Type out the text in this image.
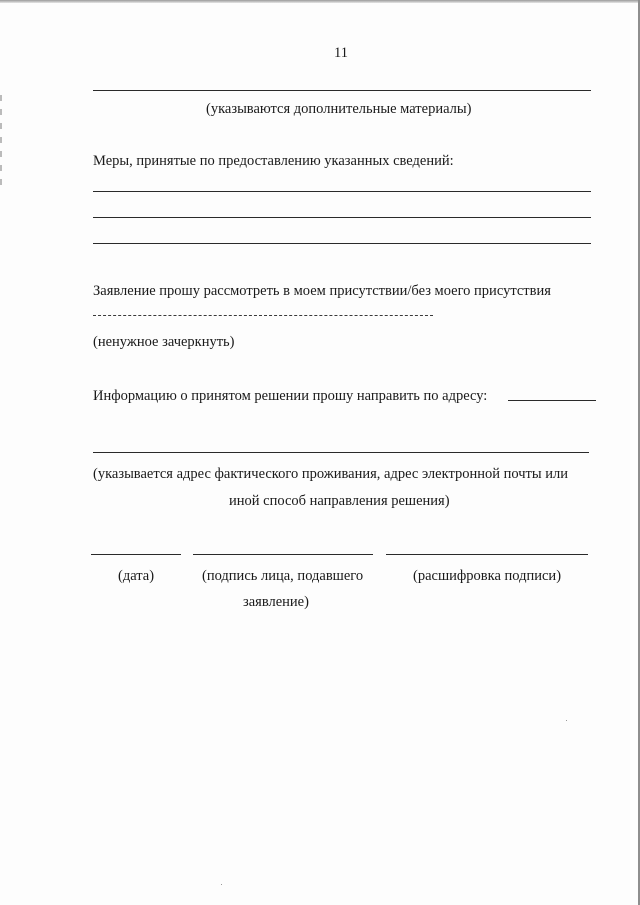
11
(указываются дополнительные материалы)
Меры, принятые по предоставлению указанных сведений:
Заявление прошу рассмотреть в моем присутствии/без моего присутствия
(ненужное зачеркнуть)
Информацию о принятом решении прошу направить по адресу:
(указывается адрес фактического проживания, адрес электронной почты или
иной способ направления решения)
(дата)	(подпись лица, подавшего
заявление)
(расшифровка подписи)
